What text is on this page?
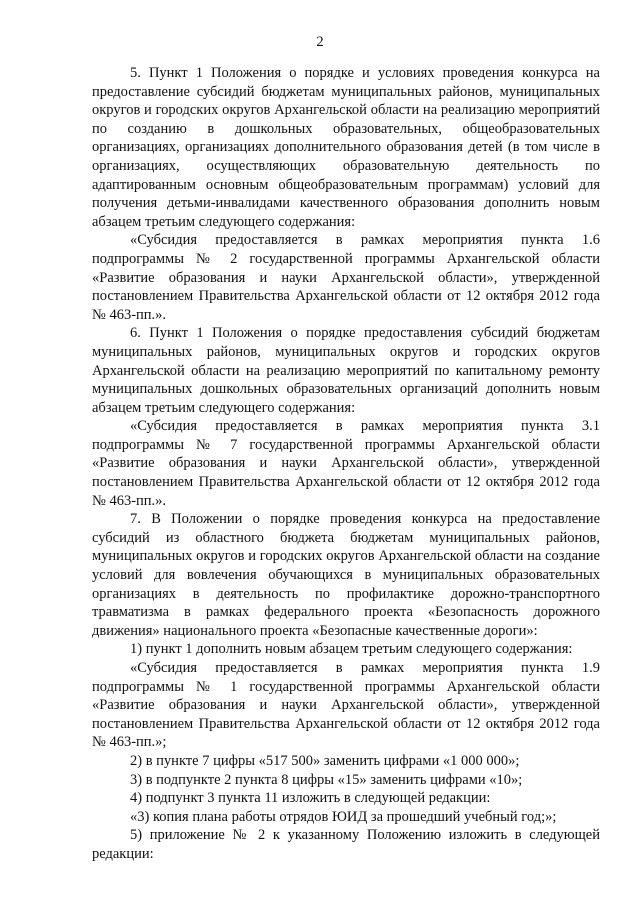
2

5. Пункт 1 Положения о порядке и условиях проведения конкурса на предоставление субсидий бюджетам муниципальных районов, муниципальных округов и городских округов Архангельской области на реализацию мероприятий по созданию в дошкольных образовательных, общеобразовательных организациях, организациях дополнительного образования детей (в том числе в организациях, осуществляющих образовательную деятельность по адаптированным основным общеобразовательным программам) условий для получения детьми-инвалидами качественного образования дополнить новым абзацем третьим следующего содержания:

«Субсидия предоставляется в рамках мероприятия пункта 1.6 подпрограммы № 2 государственной программы Архангельской области «Развитие образования и науки Архангельской области», утвержденной постановлением Правительства Архангельской области от 12 октября 2012 года № 463-пп.».

6. Пункт 1 Положения о порядке предоставления субсидий бюджетам муниципальных районов, муниципальных округов и городских округов Архангельской области на реализацию мероприятий по капитальному ремонту муниципальных дошкольных образовательных организаций дополнить новым абзацем третьим следующего содержания:

«Субсидия предоставляется в рамках мероприятия пункта 3.1 подпрограммы № 7 государственной программы Архангельской области «Развитие образования и науки Архангельской области», утвержденной постановлением Правительства Архангельской области от 12 октября 2012 года № 463-пп.».

7. В Положении о порядке проведения конкурса на предоставление субсидий из областного бюджета бюджетам муниципальных районов, муниципальных округов и городских округов Архангельской области на создание условий для вовлечения обучающихся в муниципальных образовательных организациях в деятельность по профилактике дорожно-транспортного травматизма в рамках федерального проекта «Безопасность дорожного движения» национального проекта «Безопасные качественные дороги»:

1) пункт 1 дополнить новым абзацем третьим следующего содержания:

«Субсидия предоставляется в рамках мероприятия пункта 1.9 подпрограммы № 1 государственной программы Архангельской области «Развитие образования и науки Архангельской области», утвержденной постановлением Правительства Архангельской области от 12 октября 2012 года № 463-пп.»;

2) в пункте 7 цифры «517 500» заменить цифрами «1 000 000»;

3) в подпункте 2 пункта 8 цифры «15» заменить цифрами «10»;

4) подпункт 3 пункта 11 изложить в следующей редакции:

«3) копия плана работы отрядов ЮИД за прошедший учебный год;»;

5) приложение № 2 к указанному Положению изложить в следующей редакции:
